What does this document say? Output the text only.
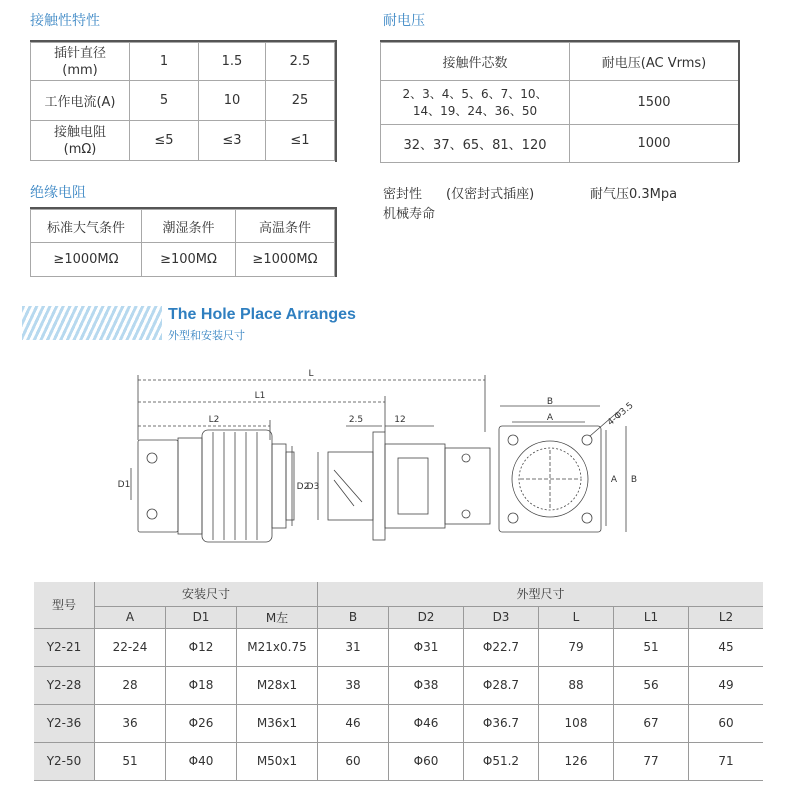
接触性特性
插针直径
(mm)	1	1.5	2.5
工作电流(A)	5	10	25
接触电阻
(mΩ)	≤5	≤3	≤1
耐电压
接触件芯数	耐电压(AC Vrms)
2、3、4、5、6、7、10、
14、19、24、36、50	1500
32、37、65、81、120	1000
绝缘电阻
标准大气条件	潮湿条件	高温条件
≥1000MΩ	≥100MΩ	≥1000MΩ
密封性 (仅密封式插座)	耐气压0.3Mpa
机械寿命
The Hole Place Arranges
外型和安装尺寸
L
L1
L2	2.5	12
B
A
D1	D2
D3
A B
4-Φ3.5
型号	安装尺寸			外型尺寸					
	A	D1	M左	B	D2	D3	L	L1	L2
Y2-21	22-24	Φ12	M21x0.75	31	Φ31	Φ22.7	79	51	45
Y2-28	28	Φ18	M28x1	38	Φ38	Φ28.7	88	56	49
Y2-36	36	Φ26	M36x1	46	Φ46	Φ36.7	108	67	60
Y2-50	51	Φ40	M50x1	60	Φ60	Φ51.2	126	77	71
